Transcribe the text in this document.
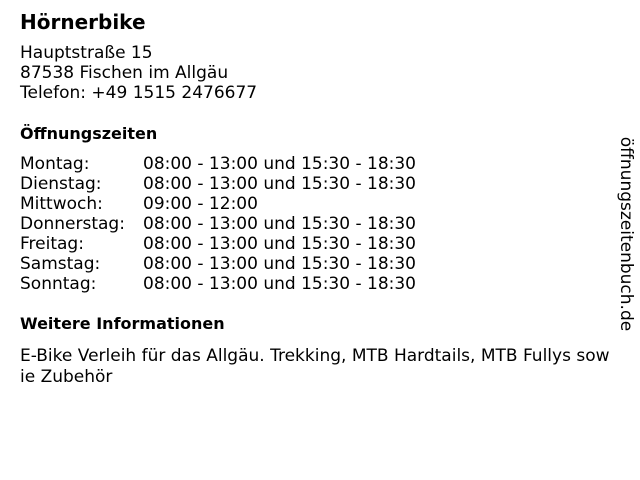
Hörnerbike
Hauptstraße 15
87538 Fischen im Allgäu
Telefon: +49 1515 2476677
Öffnungszeiten
Montag:	08:00 - 13:00 und 15:30 - 18:30
Dienstag: 08:00 - 13:00 und 15:30 - 18:30
Mittwoch: 09:00 - 12:00
Donnerstag: 08:00 - 13:00 und 15:30 - 18:30
Freitag:	08:00 - 13:00 und 15:30 - 18:30
Samstag:	08:00 - 13:00 und 15:30 - 18:30
Sonntag:	08:00 - 13:00 und 15:30 - 18:30
Weitere Informationen
E-Bike Verleih für das Allgäu. Trekking, MTB Hardtails, MTB Fullys sowie Zubehör
öffnungszeitenbuch.de
